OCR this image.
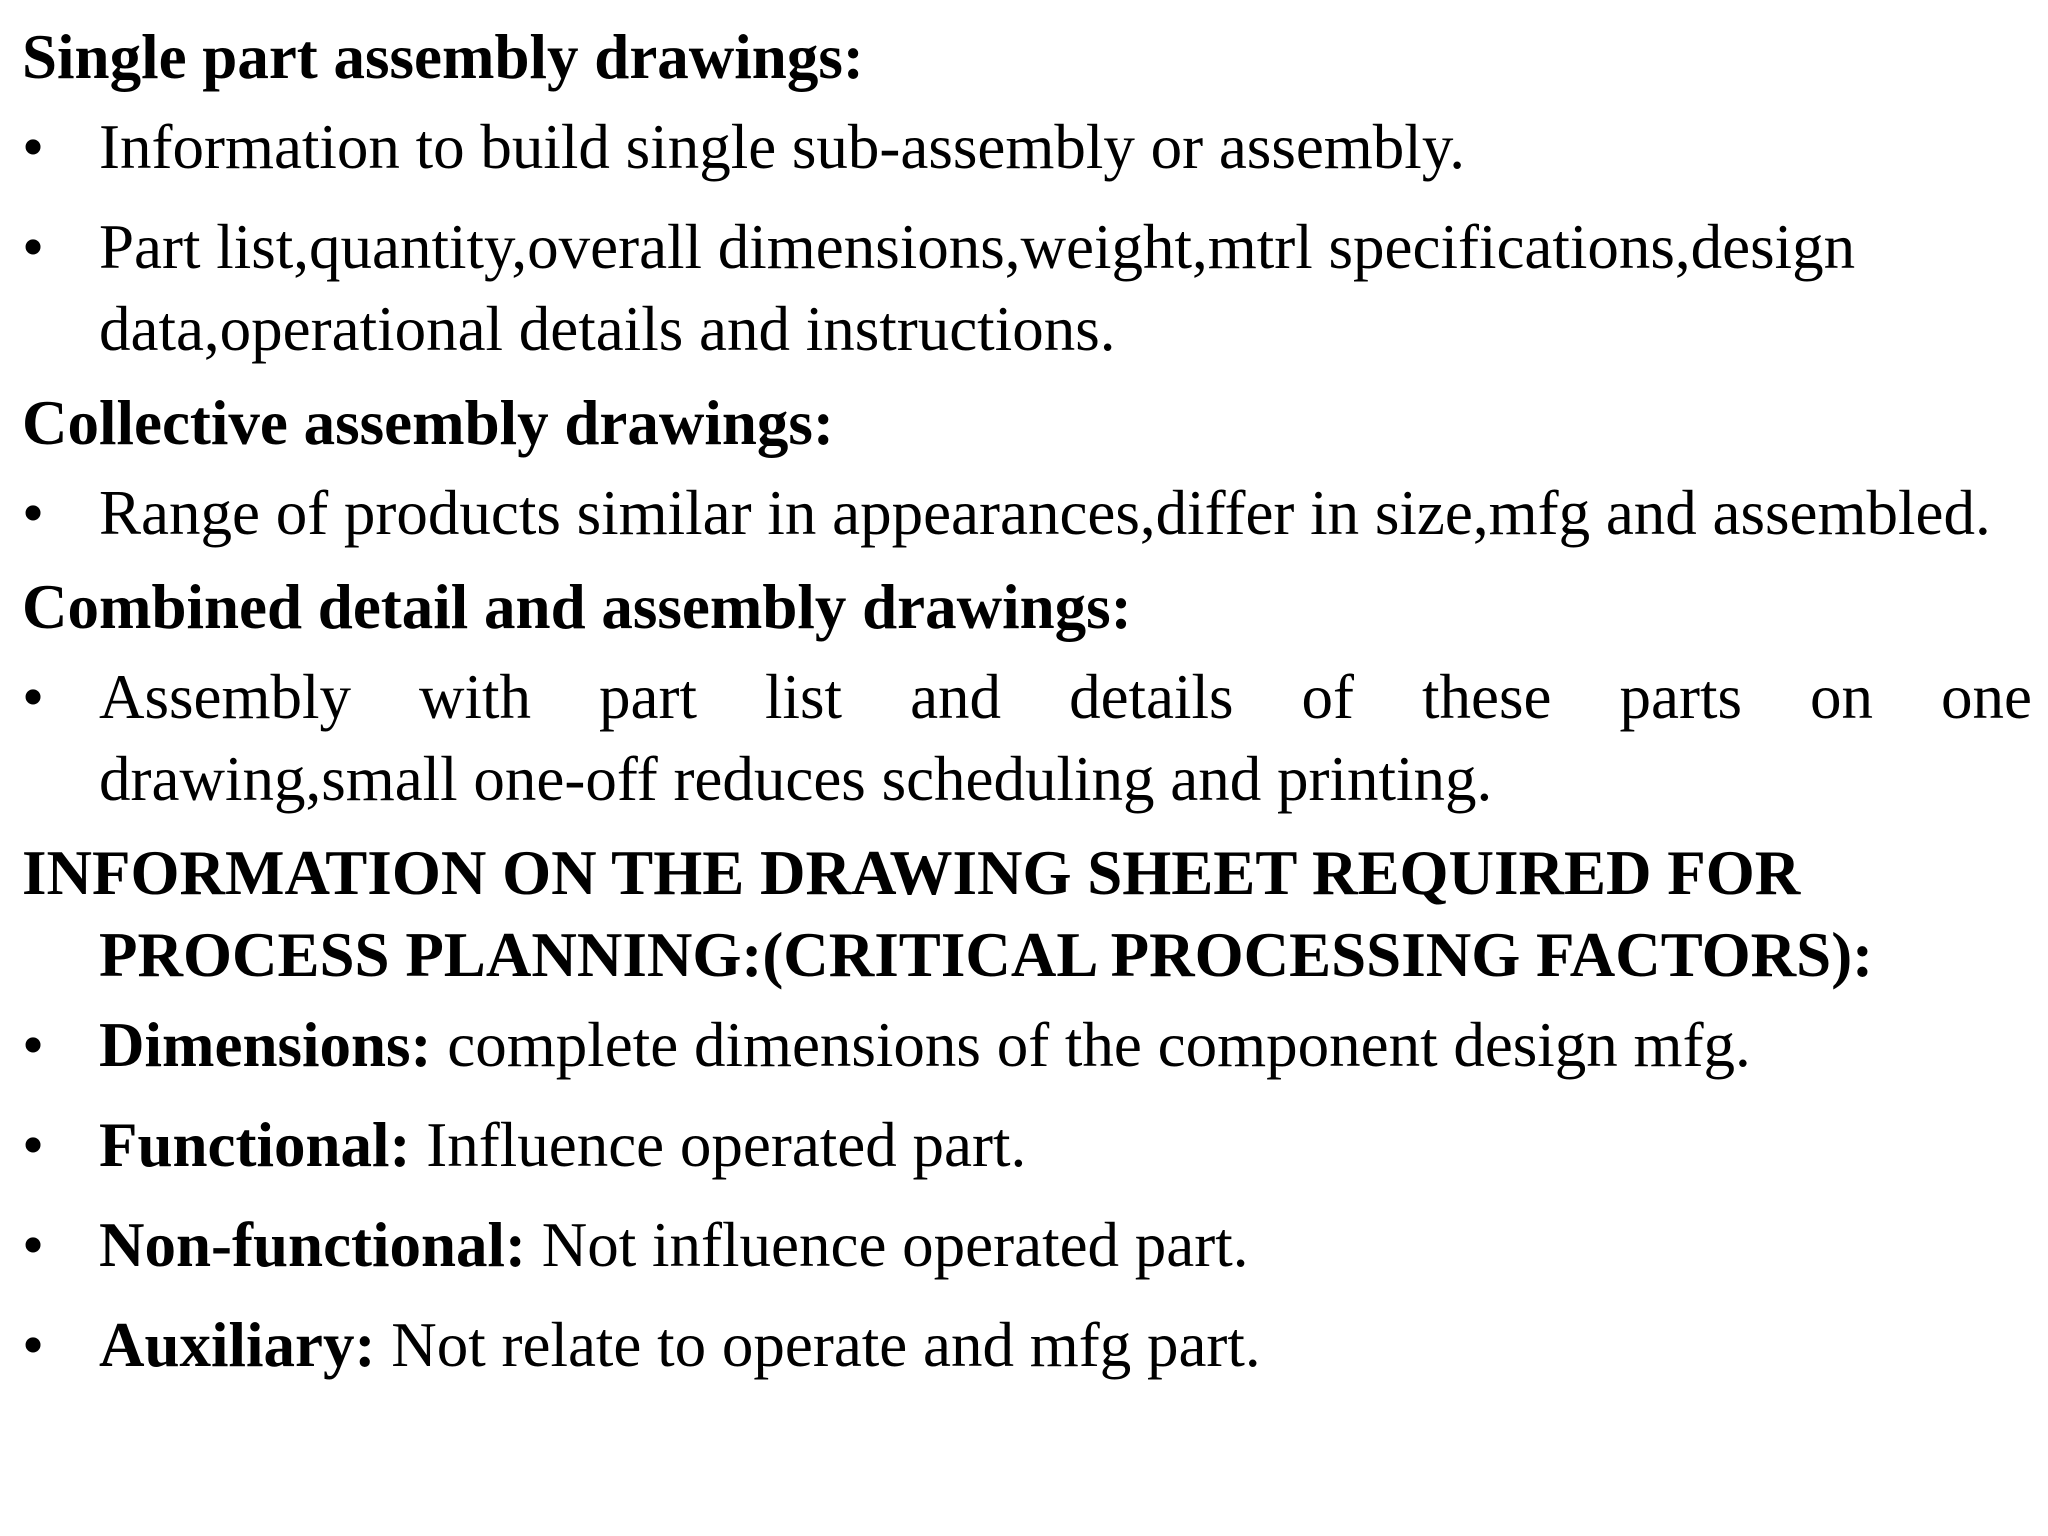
Single part assembly drawings:

• Information to build single sub-assembly or assembly.

• Part list,quantity,overall dimensions,weight,mtrl specifications,design data,operational details and instructions.

Collective assembly drawings:

• Range of products similar in appearances,differ in size,mfg and assembled.

Combined detail and assembly drawings:

• Assembly with part list and details of these parts on one
drawing,small one-off reduces scheduling and printing.

INFORMATION ON THE DRAWING SHEET REQUIRED FOR PROCESS PLANNING:(CRITICAL PROCESSING FACTORS):

• Dimensions: complete dimensions of the component design mfg.

• Functional: Influence operated part.

• Non-functional: Not influence operated part.

• Auxiliary: Not relate to operate and mfg part.
